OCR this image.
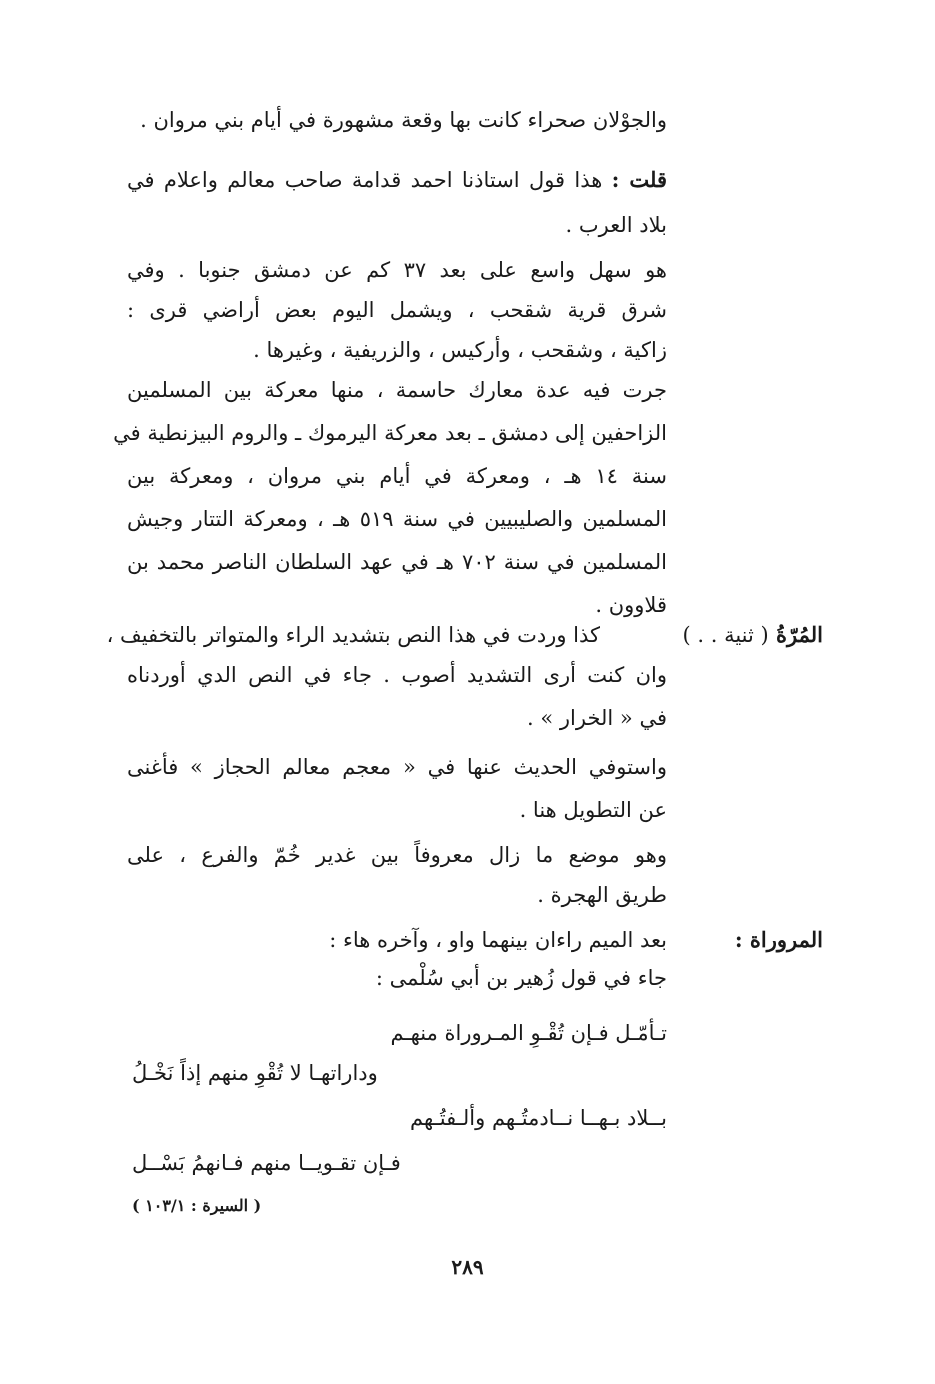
والجوْلان صحراء كانت بها وقعة مشهورة في أيام بني مروان .
قلت : هذا قول استاذنا احمد قدامة صاحب معالم واعلام في
بلاد العرب .
هو سهل واسع على بعد ٣٧ كم عن دمشق جنوبا . وفي
شرق قرية شقحب ، ويشمل اليوم بعض أراضي قرى :
زاكية ، وشقحب ، وأركيس ، والزريفية ، وغيرها .
جرت فيه عدة معارك حاسمة ، منها معركة بين المسلمين
الزاحفين إلى دمشق ـ بعد معركة اليرموك ـ والروم البيزنطية في
سنة ١٤ هـ ، ومعركة في أيام بني مروان ، ومعركة بين
المسلمين والصليبيين في سنة ٥١٩ هـ ، ومعركة التتار وجيش
المسلمين في سنة ٧٠٢ هـ في عهد السلطان الناصر محمد بن
قلاوون .
المُرّةُ ( ثنية . . )
كذا وردت في هذا النص بتشديد الراء والمتواتر بالتخفيف ،
وان كنت أرى التشديد أصوب . جاء في النص الدي أوردناه
في « الخرار » .
واستوفي الحديث عنها في « معجم معالم الحجاز » فأغنى
عن التطويل هنا .
وهو موضع ما زال معروفاً بين غدير خُمّ والفرع ، على
طريق الهجرة .
المروراة :
بعد الميم راءان بينهما واو ، وآخره هاء :
جاء في قول زُهير بن أبي سُلْمى :
تـأمّـل فـإن تُقْـوِ المـروراة منهـم
وداراتهـا لا تُقْوِ منهم إذاً نَخْـلُ
بــلاد بـهــا نــادمتُـهم وألـفتُـهم
فـإن تقـويــا منهم فـانهمُ بَسْــل
( السيرة : ١٠٣/١ )
٢٨٩
